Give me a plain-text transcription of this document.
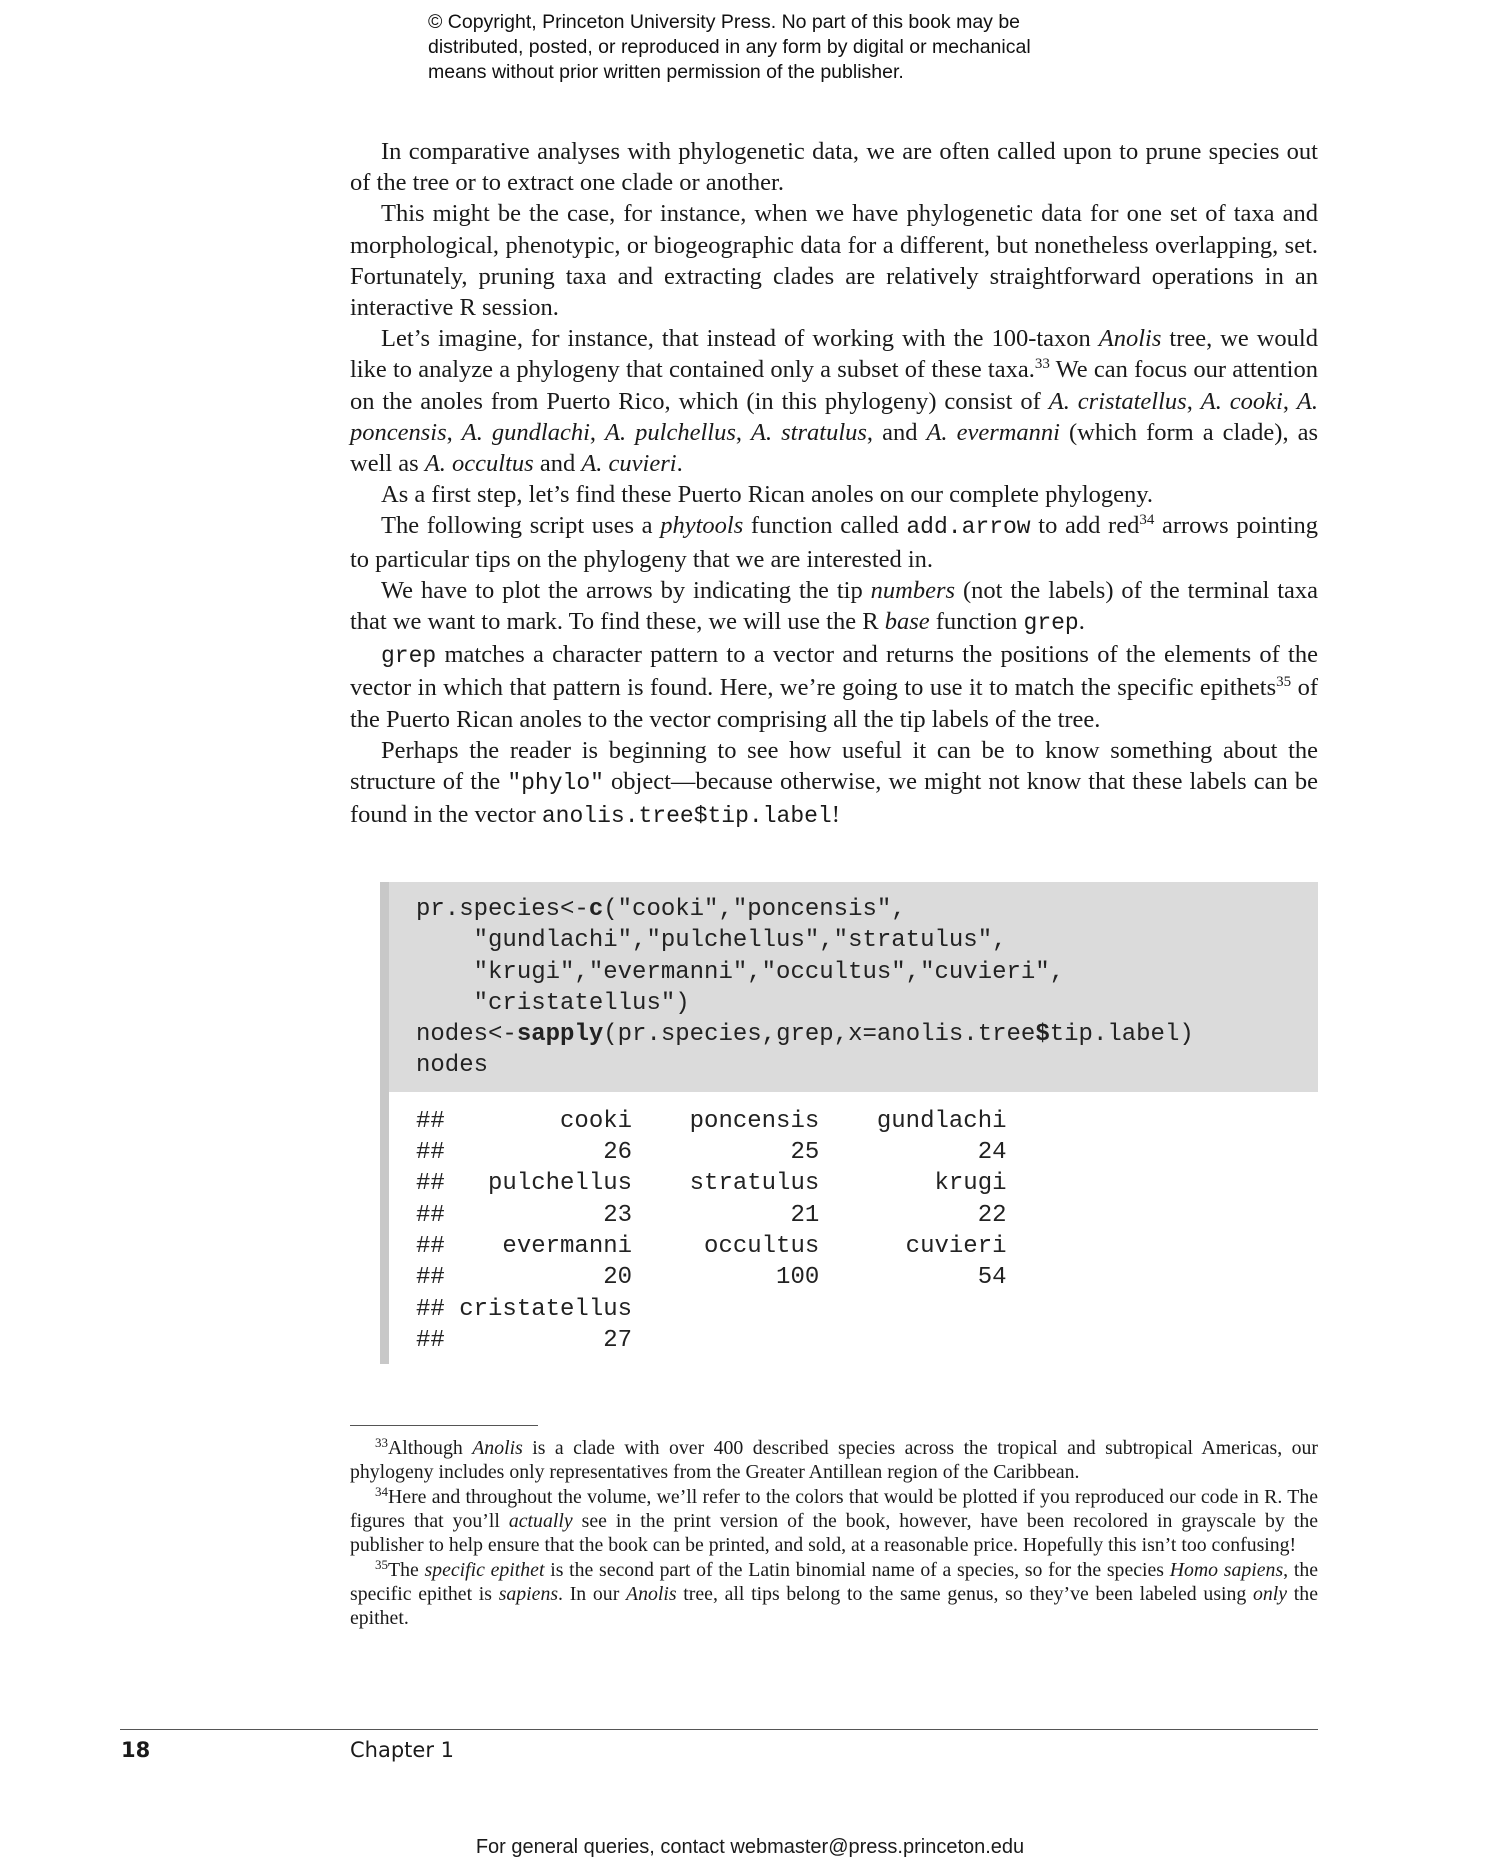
© Copyright, Princeton University Press. No part of this book may be
distributed, posted, or reproduced in any form by digital or mechanical
means without prior written permission of the publisher.

In comparative analyses with phylogenetic data, we are often called upon to prune species out of the tree or to extract one clade or another.

This might be the case, for instance, when we have phylogenetic data for one set of taxa and morphological, phenotypic, or biogeographic data for a different, but nonetheless overlapping, set. Fortunately, pruning taxa and extracting clades are relatively straightforward operations in an interactive R session.

Let’s imagine, for instance, that instead of working with the 100-taxon Anolis tree, we would like to analyze a phylogeny that contained only a subset of these taxa.$^{33}$ We can focus our attention on the anoles from Puerto Rico, which (in this phylogeny) consist of A. cristatellus, A. cooki, A. poncensis, A. gundlachi, A. pulchellus, A. stratulus, and A. evermanni (which form a clade), as well as A. occultus and A. cuvieri.

As a first step, let’s find these Puerto Rican anoles on our complete phylogeny.

The following script uses a phytools function called add.arrow to add red$^{34}$ arrows pointing to particular tips on the phylogeny that we are interested in.

We have to plot the arrows by indicating the tip numbers (not the labels) of the terminal taxa that we want to mark. To find these, we will use the R base function grep.

grep matches a character pattern to a vector and returns the positions of the elements of the vector in which that pattern is found. Here, we’re going to use it to match the specific epithets$^{35}$ of the Puerto Rican anoles to the vector comprising all the tip labels of the tree.

Perhaps the reader is beginning to see how useful it can be to know something about the structure of the "phylo" object—because otherwise, we might not know that these labels can be found in the vector anolis.tree$tip.label!

pr.species<-c("cooki","poncensis",
"gundlachi","pulchellus","stratulus",
"krugi","evermanni","occultus","cuvieri",
"cristatellus")
nodes<-sapply(pr.species,grep,x=anolis.tree$tip.label)
nodes
##        cooki    poncensis    gundlachi
##           26           25           24
##   pulchellus    stratulus        krugi
##           23           21           22
##    evermanni     occultus      cuvieri
##           20          100           54
## cristatellus
##           27

$^{33}$Although Anolis is a clade with over 400 described species across the tropical and subtropical Americas, our phylogeny includes only representatives from the Greater Antillean region of the Caribbean.

$^{34}$Here and throughout the volume, we’ll refer to the colors that would be plotted if you reproduced our code in R. The figures that you’ll actually see in the print version of the book, however, have been recolored in grayscale by the publisher to help ensure that the book can be printed, and sold, at a reasonable price. Hopefully this isn’t too confusing!

$^{35}$The specific epithet is the second part of the Latin binomial name of a species, so for the species Homo sapiens, the specific epithet is sapiens. In our Anolis tree, all tips belong to the same genus, so they’ve been labeled using only the epithet.

18	Chapter 1
For general queries, contact webmaster@press.princeton.edu
